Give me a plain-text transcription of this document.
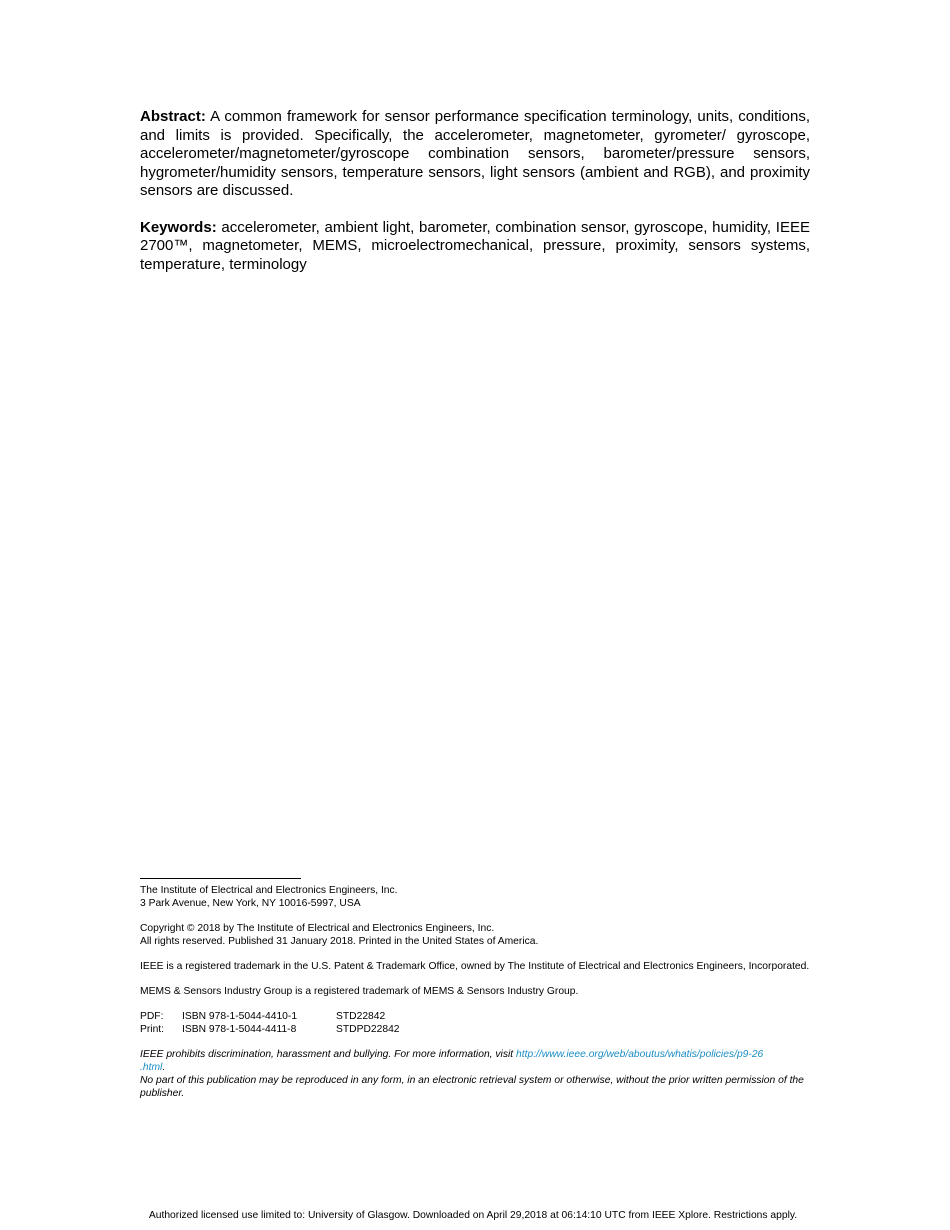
Abstract: A common framework for sensor performance specification terminology, units, conditions, and limits is provided. Specifically, the accelerometer, magnetometer, gyrometer/ gyroscope, accelerometer/magnetometer/gyroscope combination sensors, barometer/pressure sensors, hygrometer/humidity sensors, temperature sensors, light sensors (ambient and RGB), and proximity sensors are discussed.

Keywords: accelerometer, ambient light, barometer, combination sensor, gyroscope, humidity, IEEE 2700™, magnetometer, MEMS, microelectromechanical, pressure, proximity, sensors systems, temperature, terminology

The Institute of Electrical and Electronics Engineers, Inc.
3 Park Avenue, New York, NY 10016-5997, USA

Copyright © 2018 by The Institute of Electrical and Electronics Engineers, Inc.
All rights reserved. Published 31 January 2018. Printed in the United States of America.

IEEE is a registered trademark in the U.S. Patent & Trademark Office, owned by The Institute of Electrical and Electronics Engineers, Incorporated.

MEMS & Sensors Industry Group is a registered trademark of MEMS & Sensors Industry Group.

PDF: ISBN 978-1-5044-4410-1	STD22842
Print: ISBN 978-1-5044-4411-8	STDPD22842

IEEE prohibits discrimination, harassment and bullying. For more information, visit http://www.ieee.org/web/aboutus/whatis/policies/p9-26
.html.
No part of this publication may be reproduced in any form, in an electronic retrieval system or otherwise, without the prior written permission of the publisher.

Authorized licensed use limited to: University of Glasgow. Downloaded on April 29,2018 at 06:14:10 UTC from IEEE Xplore. Restrictions apply.
